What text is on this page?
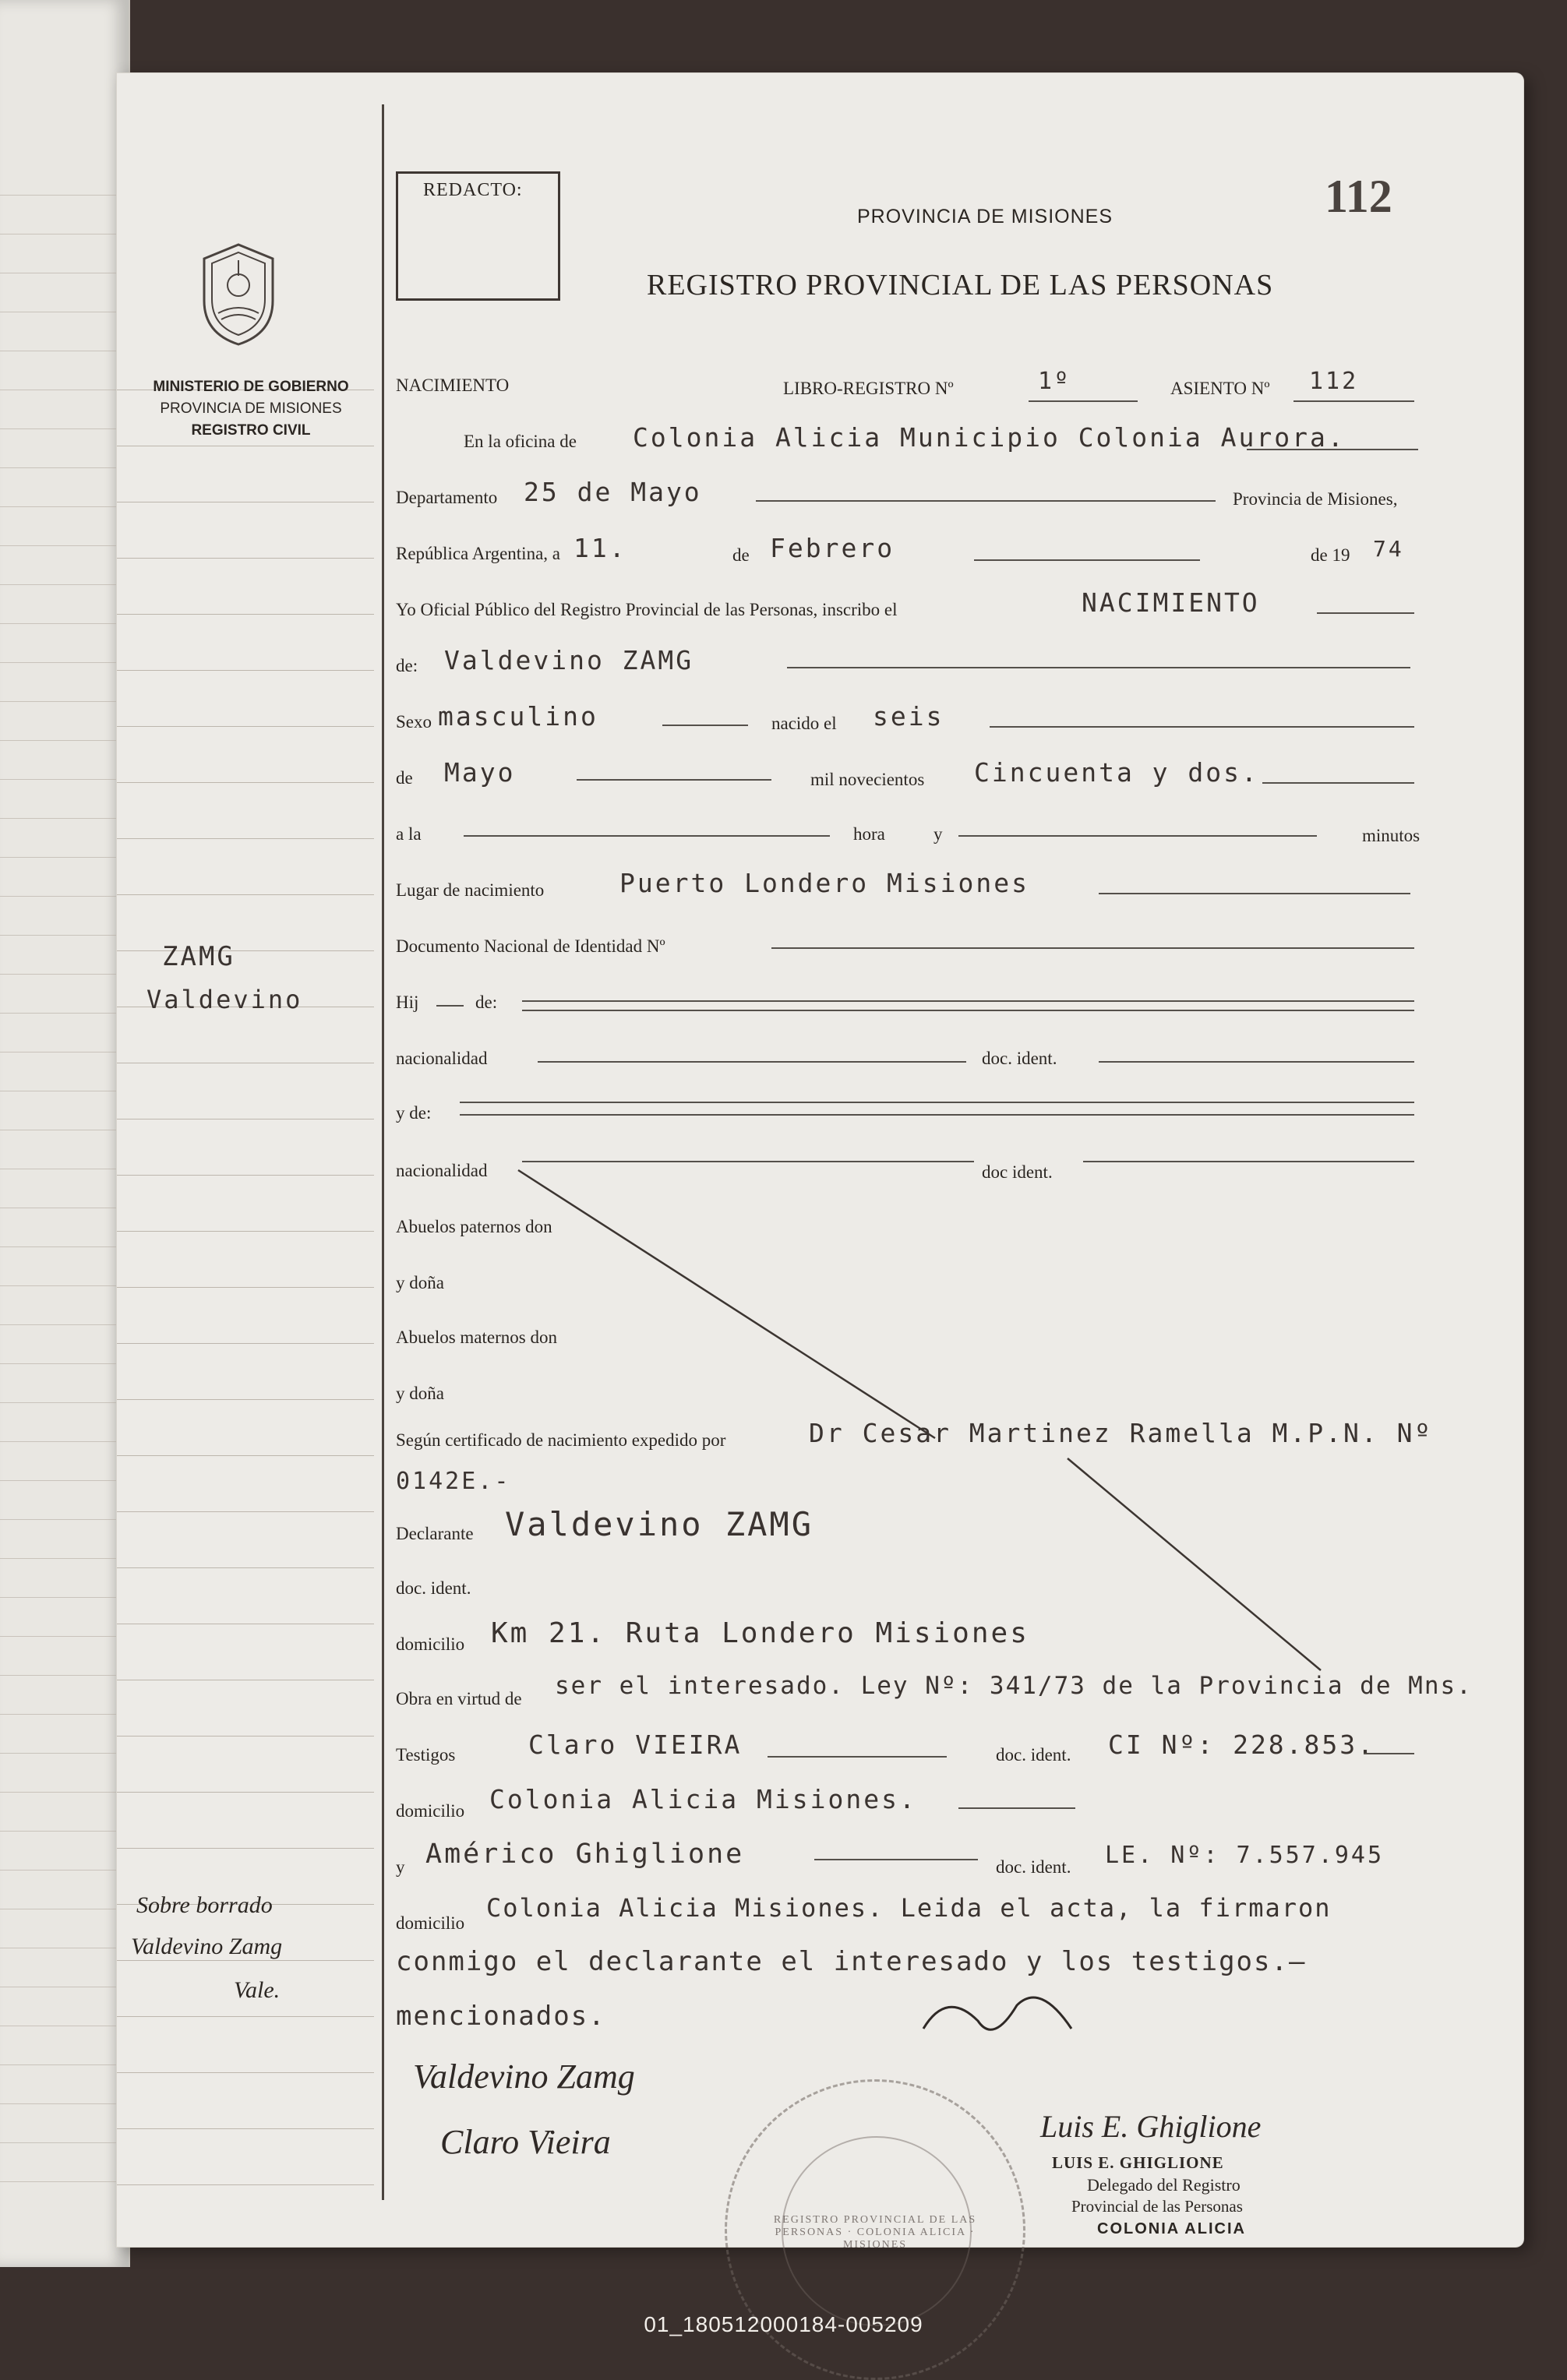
MINISTERIO DE GOBIERNO
PROVINCIA DE MISIONES
REGISTRO CIVIL
ZAMG
Valdevino
Sobre borrado
Valdevino Zamg
Vale.
REDACTO:
PROVINCIA DE MISIONES
REGISTRO PROVINCIAL DE LAS PERSONAS
112
NACIMIENTO	LIBRO-REGISTRO Nº	1º	ASIENTO Nº 112
En la oficina de Colonia Alicia Municipio Colonia Aurora.
Departamento 25 de Mayo	Provincia de Misiones,
República Argentina, a 11.	de Febrero	de 19 74
Yo Oficial Público del Registro Provincial de las Personas, inscribo el	NACIMIENTO
de: Valdevino ZAMG
Sexo masculino	nacido el seis
de Mayo	mil novecientos Cincuenta y dos.
a la	hora	y	minutos
Lugar de nacimiento	Puerto Londero Misiones
Documento Nacional de Identidad Nº
Hij	de:
nacionalidad	doc. ident.
y de:
nacionalidad	doc ident.
Abuelos paternos don
y doña
Abuelos maternos don
y doña
Según certificado de nacimiento expedido por	Dr Cesar Martinez Ramella M.P.N. Nº
0142E.-
Declarante Valdevino ZAMG
doc. ident.
domicilio Km 21. Ruta Londero Misiones
Obra en virtud de ser el interesado. Ley Nº: 341/73 de la Provincia de Mns.
Testigos	Claro VIEIRA	doc. ident. CI Nº: 228.853.
domicilio Colonia Alicia Misiones.
y Américo Ghiglione	doc. ident. LE. Nº: 7.557.945
domicilio
Colonia Alicia Misiones. Leida el acta, la firmaron
conmigo el declarante el interesado y los testigos.—
mencionados.
REGISTRO PROVINCIAL DE LAS PERSONAS · COLONIA ALICIA · MISIONES
Valdevino Zamg
Claro Vieira	Luis E. Ghiglione
LUIS E. GHIGLIONE
Delegado del Registro
Provincial de las Personas
COLONIA ALICIA
01_180512000184-005209
